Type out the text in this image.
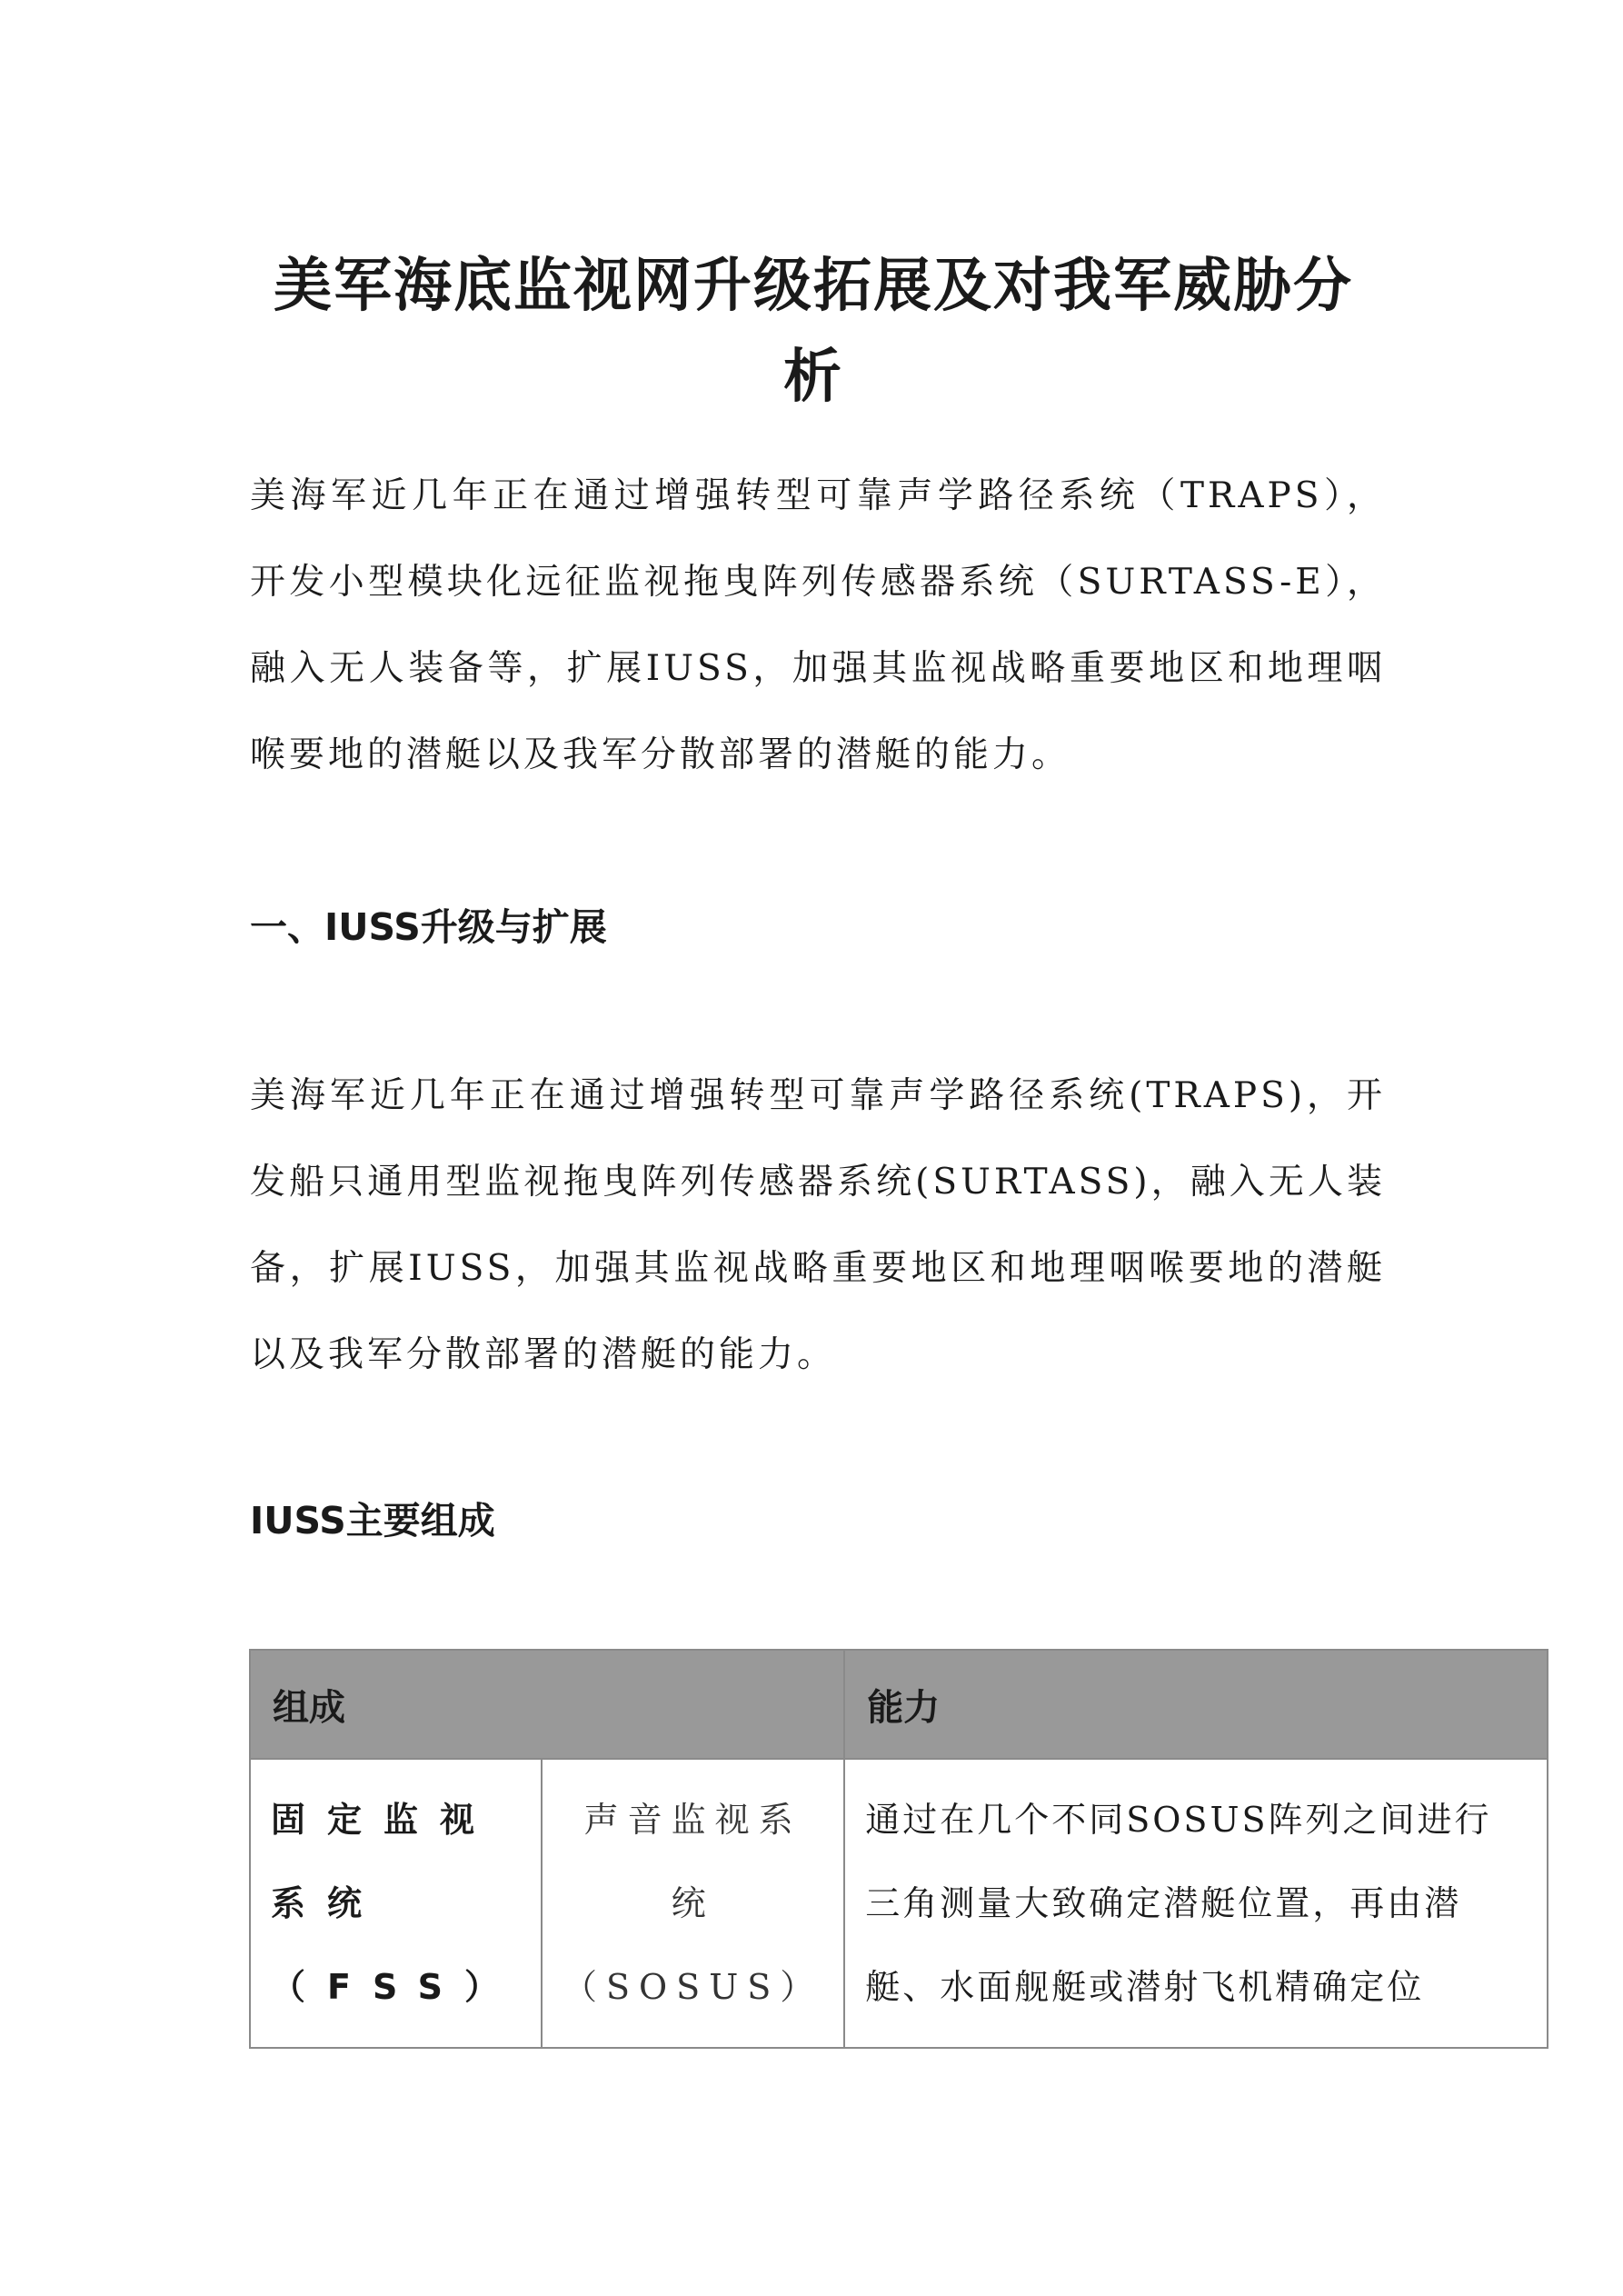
美军海底监视网升级拓展及对我军威胁分析

美海军近几年正在通过增强转型可靠声学路径系统（TRAPS），开发小型模块化远征监视拖曳阵列传感器系统（SURTASS-E），融入无人装备等，扩展IUSS，加强其监视战略重要地区和地理咽喉要地的潜艇以及我军分散部署的潜艇的能力。

一、IUSS升级与扩展

美海军近几年正在通过增强转型可靠声学路径系统(TRAPS)，开发船只通用型监视拖曳阵列传感器系统(SURTASS)，融入无人装备，扩展IUSS，加强其监视战略重要地区和地理咽喉要地的潜艇以及我军分散部署的潜艇的能力。

IUSS主要组成
组成		能力
固定监视系统（FSS）	声音监视系统（SOSUS）	通过在几个不同SOSUS阵列之间进行三角测量大致确定潜艇位置，再由潜艇、水面舰艇或潜射飞机精确定位
